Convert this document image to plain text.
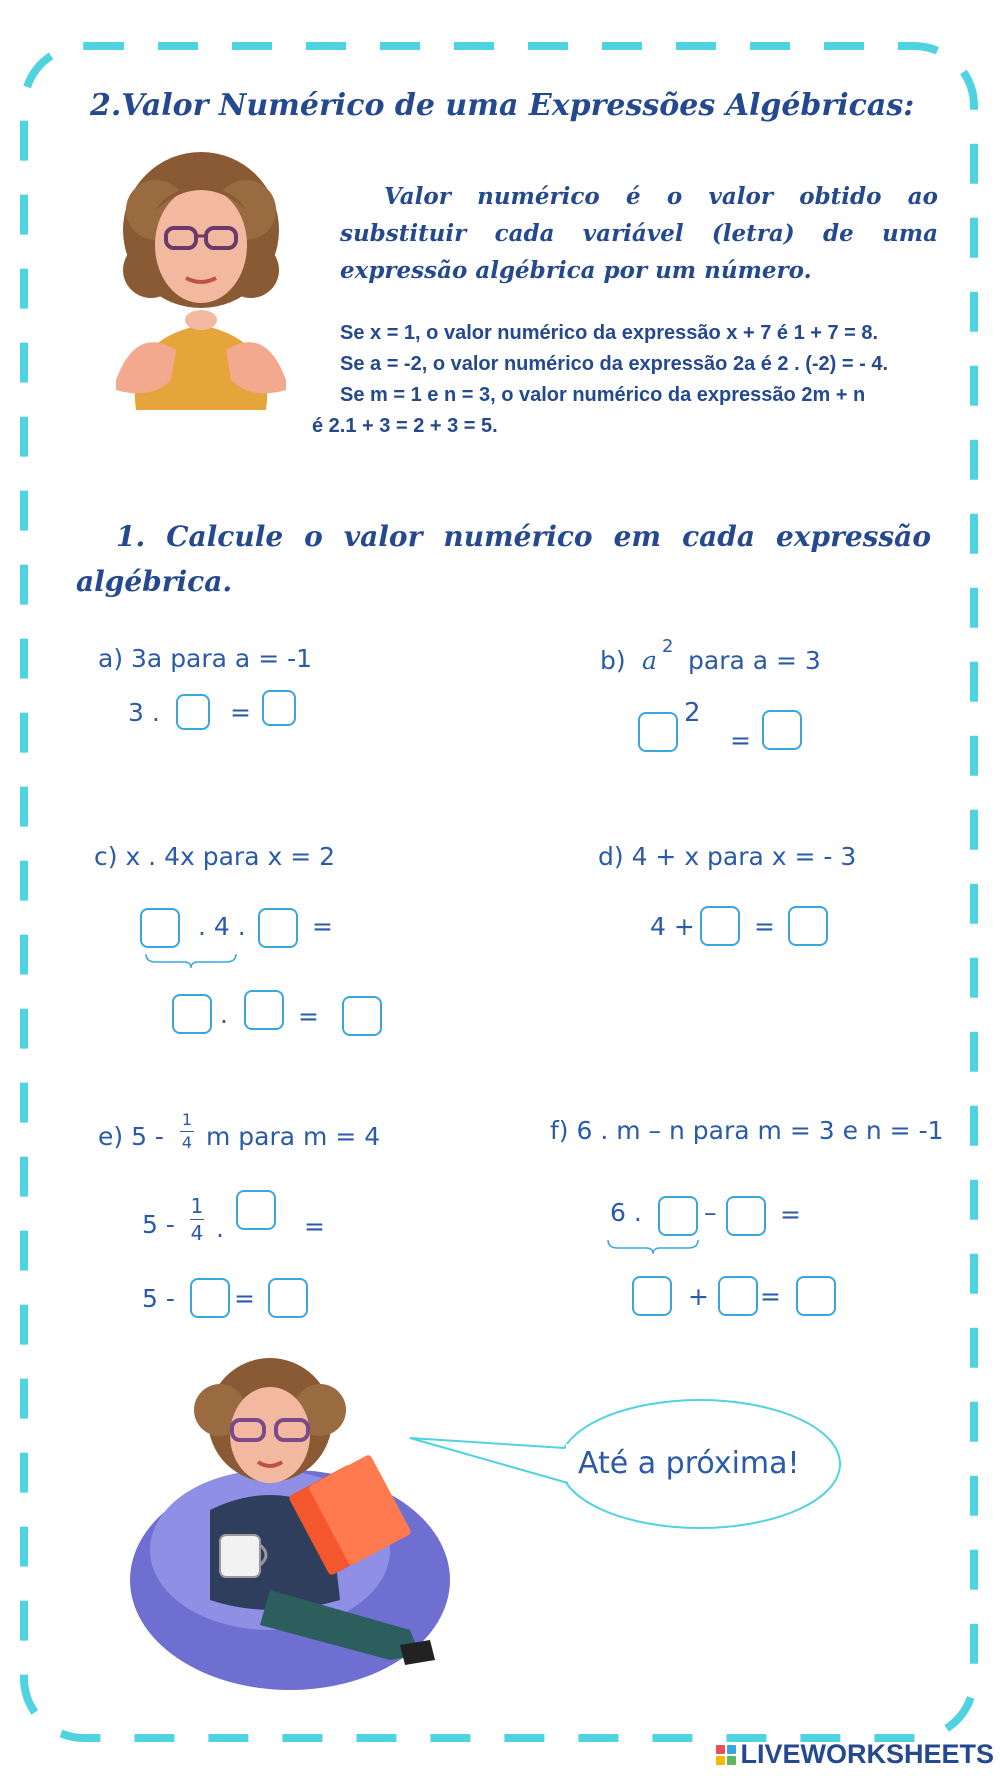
2.Valor Numérico de uma Expressões Algébricas:
Valor numérico é o valor obtido ao substituir cada variável (letra) de uma expressão algébrica por um número.
Se x = 1, o valor numérico da expressão x + 7 é 1 + 7 = 8.
Se a = -2, o valor numérico da expressão 2a é 2 . (-2) = - 4.
Se m = 1 e n = 3, o valor numérico da expressão 2m + n
é 2.1 + 3 = 2 + 3 = 5.
1. Calcule o valor numérico em cada expressão algébrica.
a) 3a para a = -1
3 .	=
b) a 2 para a = 3
2
=
c) x . 4x para x = 2
. 4 .	=
.	=
d) 4 + x para x = - 3
4 + =
e) 5 -
1
4 m para m = 4
5 -
1
4 .	=
5 - =
f) 6 . m – n para m = 3 e n = -1
6 . –	=
+ =
Até a próxima!
LIVEWORKSHEETS
